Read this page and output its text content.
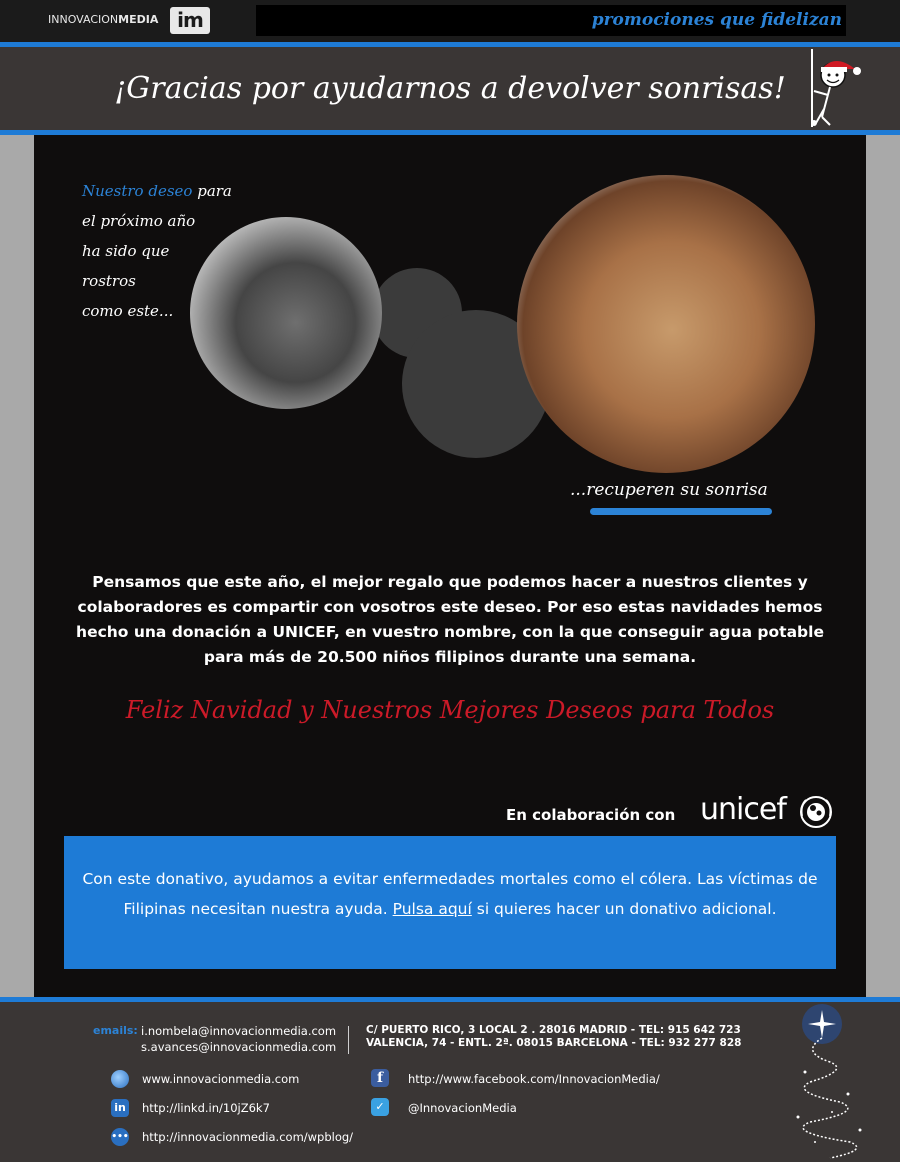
INNOVACIONMEDIA im	promociones que fidelizan
¡Gracias por ayudarnos a devolver sonrisas!
Nuestro deseo para
el próximo año
ha sido que
rostros
como este...
...recuperen su sonrisa
Pensamos que este año, el mejor regalo que podemos hacer a nuestros clientes y colaboradores es compartir con vosotros este deseo. Por eso estas navidades hemos hecho una donación a UNICEF, en vuestro nombre, con la que conseguir agua potable para más de 20.500 niños filipinos durante una semana.
Feliz Navidad y Nuestros Mejores Deseos para Todos
En colaboración con unicef
Con este donativo, ayudamos a evitar enfermedades mortales como el cólera. Las víctimas de Filipinas necesitan nuestra ayuda. Pulsa aquí si quieres hacer un donativo adicional.
emails: i.nombela@innovacionmedia.com
s.avances@innovacionmedia.com
C/ PUERTO RICO, 3 LOCAL 2 . 28016 MADRID - TEL: 915 642 723
VALENCIA, 74 - ENTL. 2ª. 08015 BARCELONA - TEL: 932 277 828
www.innovacionmedia.com
in http://linkd.in/10jZ6k7
••• http://innovacionmedia.com/wpblog/
f	http://www.facebook.com/InnovacionMedia/
✓	@InnovacionMedia
